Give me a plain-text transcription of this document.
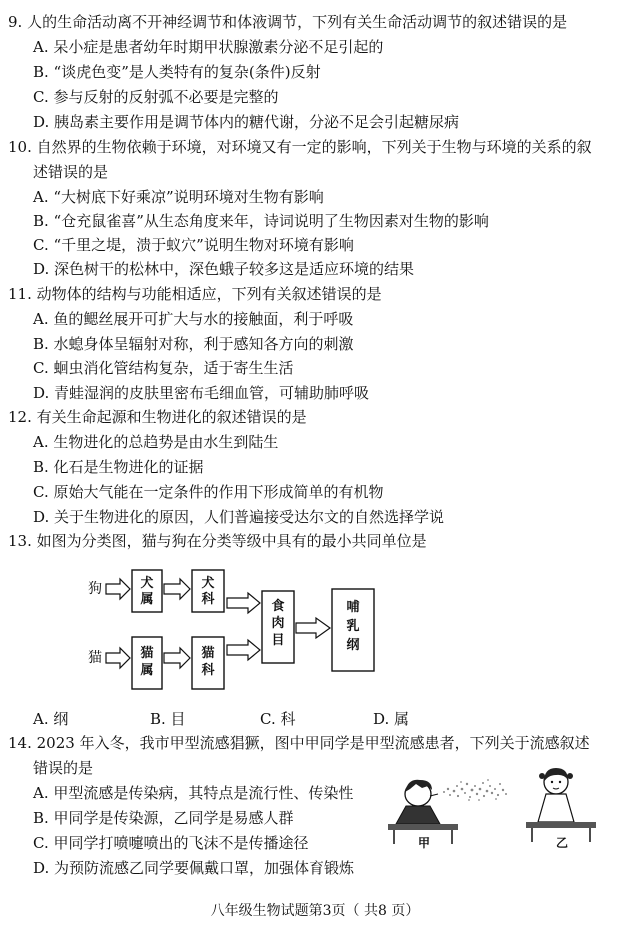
9. 人的生命活动离不开神经调节和体液调节，下列有关生命活动调节的叙述错误的是
A. 呆小症是患者幼年时期甲状腺激素分泌不足引起的
B. “谈虎色变”是人类特有的复杂(条件)反射
C. 参与反射的反射弧不必要是完整的
D. 胰岛素主要作用是调节体内的糖代谢，分泌不足会引起糖尿病
10. 自然界的生物依赖于环境，对环境又有一定的影响，下列关于生物与环境的关系的叙
述错误的是
A. “大树底下好乘凉”说明环境对生物有影响
B. “仓充鼠雀喜”从生态角度来年，诗词说明了生物因素对生物的影响
C. “千里之堤，溃于蚁穴”说明生物对环境有影响
D. 深色树干的松林中，深色蛾子较多这是适应环境的结果
11. 动物体的结构与功能相适应，下列有关叙述错误的是
A. 鱼的鳃丝展开可扩大与水的接触面，利于呼吸
B. 水螅身体呈辐射对称，利于感知各方向的刺激
C. 蛔虫消化管结构复杂，适于寄生生活
D. 青蛙湿润的皮肤里密布毛细血管，可辅助肺呼吸
12. 有关生命起源和生物进化的叙述错误的是
A. 生物进化的总趋势是由水生到陆生
B. 化石是生物进化的证据
C. 原始大气能在一定条件的作用下形成简单的有机物
D. 关于生物进化的原因，人们普遍接受达尔文的自然选择学说
13. 如图为分类图，猫与狗在分类等级中具有的最小共同单位是
狗
猫
犬属
犬科
猫属
猫科
食肉目
哺乳纲
A. 纲	B. 目	C. 科	D. 属
14. 2023 年入冬，我市甲型流感猖獗，图中甲同学是甲型流感患者，下列关于流感叙述
错误的是
A. 甲型流感是传染病，其特点是流行性、传染性
B. 甲同学是传染源，乙同学是易感人群
C. 甲同学打喷嚏喷出的飞沫不是传播途径
D. 为预防流感乙同学要佩戴口罩，加强体育锻炼
甲	乙
八年级生物试题第3页（ 共8 页）
